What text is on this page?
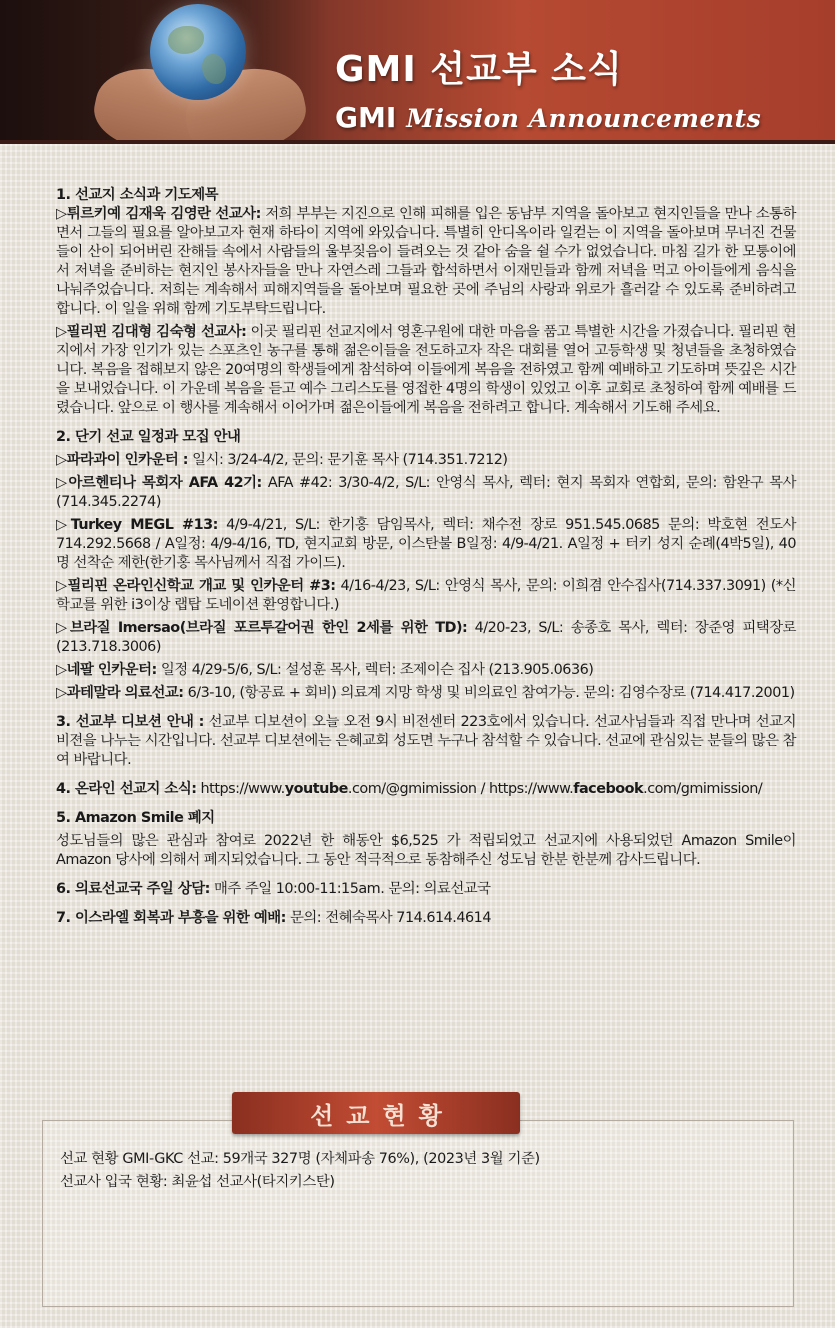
GMI 선교부 소식
GMI Mission Announcements
1. 선교지 소식과 기도제목

▷튀르키예 김재욱 김영란 선교사: 저희 부부는 지진으로 인해 피해를 입은 동남부 지역을 돌아보고 현지인들을 만나 소통하면서 그들의 필요를 알아보고자 현재 하타이 지역에 와있습니다. 특별히 안디옥이라 일컫는 이 지역을 돌아보며 무너진 건물들이 산이 되어버린 잔해들 속에서 사람들의 울부짖음이 들려오는 것 같아 숨을 쉴 수가 없었습니다. 마침 길가 한 모퉁이에서 저녁을 준비하는 현지인 봉사자들을 만나 자연스레 그들과 합석하면서 이재민들과 함께 저녁을 먹고 아이들에게 음식을 나눠주었습니다. 저희는 계속해서 피해지역들을 돌아보며 필요한 곳에 주님의 사랑과 위로가 흘러갈 수 있도록 준비하려고 합니다. 이 일을 위해 함께 기도부탁드립니다.

▷필리핀 김대형 김숙형 선교사: 이곳 필리핀 선교지에서 영혼구원에 대한 마음을 품고 특별한 시간을 가졌습니다. 필리핀 현지에서 가장 인기가 있는 스포츠인 농구를 통해 젊은이들을 전도하고자 작은 대회를 열어 고등학생 및 청년들을 초청하였습니다. 복음을 접해보지 않은 20여명의 학생들에게 참석하여 이들에게 복음을 전하였고 함께 예배하고 기도하며 뜻깊은 시간을 보내었습니다. 이 가운데 복음을 듣고 예수 그리스도를 영접한 4명의 학생이 있었고 이후 교회로 초청하여 함께 예배를 드렸습니다. 앞으로 이 행사를 계속해서 이어가며 젊은이들에게 복음을 전하려고 합니다. 계속해서 기도해 주세요.

2. 단기 선교 일정과 모집 안내

▷파라과이 인카운터 : 일시: 3/24-4/2, 문의: 문기훈 목사 (714.351.7212)

▷아르헨티나 목회자 AFA 42기: AFA #42: 3/30-4/2, S/L: 안영식 목사, 렉터: 현지 목회자 연합회, 문의: 함완구 목사 (714.345.2274)

▷Turkey MEGL #13: 4/9-4/21, S/L: 한기홍 담임목사, 렉터: 채수전 장로 951.545.0685 문의: 박호현 전도사 714.292.5668 / A일정: 4/9-4/16, TD, 현지교회 방문, 이스탄불 B일정: 4/9-4/21. A일정 + 터키 성지 순례(4박5일), 40명 선착순 제한(한기홍 목사님께서 직접 가이드).

▷필리핀 온라인신학교 개교 및 인카운터 #3: 4/16-4/23, S/L: 안영식 목사, 문의: 이희겸 안수집사(714.337.3091) (*신학교를 위한 i3이상 랩탑 도네이션 환영합니다.)

▷브라질 Imersao(브라질 포르투갈어권 한인 2세를 위한 TD): 4/20-23, S/L: 송종호 목사, 렉터: 장준영 피택장로(213.718.3006)

▷네팔 인카운터: 일정 4/29-5/6, S/L: 설성훈 목사, 렉터: 조제이슨 집사 (213.905.0636)

▷과테말라 의료선교: 6/3-10, (항공료 + 회비) 의료계 지망 학생 및 비의료인 참여가능. 문의: 김영수장로 (714.417.2001)

3. 선교부 디보션 안내 : 선교부 디보션이 오늘 오전 9시 비전센터 223호에서 있습니다. 선교사님들과 직접 만나며 선교지 비젼을 나누는 시간입니다. 선교부 디보션에는 은혜교회 성도면 누구나 참석할 수 있습니다. 선교에 관심있는 분들의 많은 참여 바랍니다.

4. 온라인 선교지 소식: https://www.youtube.com/@gmimission / https://www.facebook.com/gmimission/

5. Amazon Smile 폐지

성도님들의 많은 관심과 참여로 2022년 한 해동안 $6,525 가 적립되었고 선교지에 사용되었던 Amazon Smile이 Amazon 당사에 의해서 폐지되었습니다. 그 동안 적극적으로 동참해주신 성도님 한분 한분께 감사드립니다.

6. 의료선교국 주일 상담: 매주 주일 10:00-11:15am. 문의: 의료선교국

7. 이스라엘 회복과 부흥을 위한 예배: 문의: 전혜숙목사 714.614.4614

선교현황
선교 현황 GMI-GKC 선교: 59개국 327명 (자체파송 76%), (2023년 3월 기준)
선교사 입국 현황: 최윤섭 선교사(타지키스탄)
